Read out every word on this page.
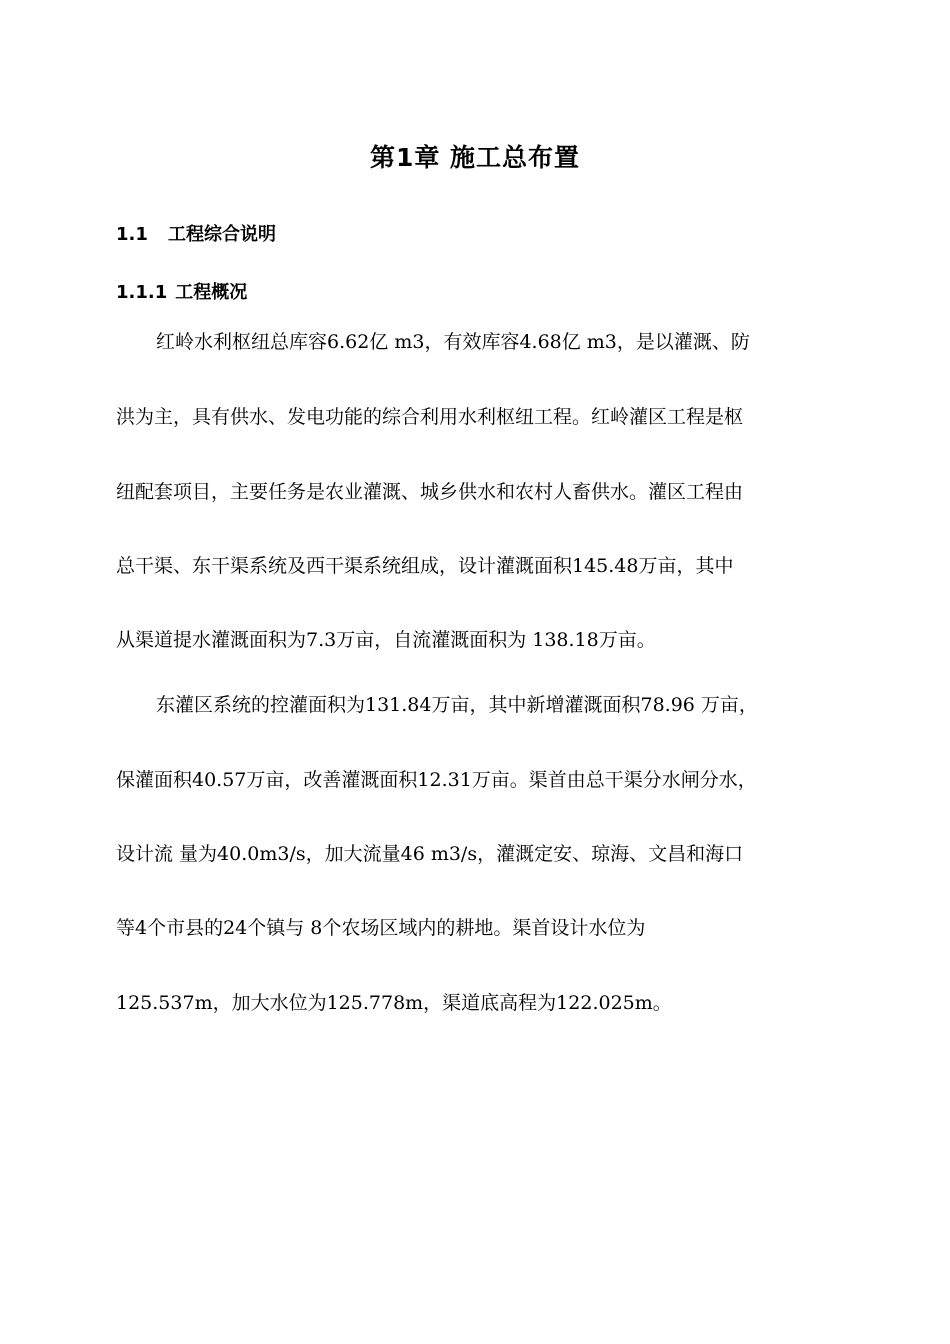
第1章 施工总布置
1.1 工程综合说明
1.1.1 工程概况
红岭水利枢纽总库容6.62亿 m3，有效库容4.68亿 m3，是以灌溉、防
洪为主，具有供水、发电功能的综合利用水利枢纽工程。红岭灌区工程是枢
纽配套项目，主要任务是农业灌溉、城乡供水和农村人畜供水。灌区工程由
总干渠、东干渠系统及西干渠系统组成，设计灌溉面积145.48万亩，其中
从渠道提水灌溉面积为7.3万亩，自流灌溉面积为 138.18万亩。
东灌区系统的控灌面积为131.84万亩，其中新增灌溉面积78.96 万亩，
保灌面积40.57万亩，改善灌溉面积12.31万亩。渠首由总干渠分水闸分水，
设计流 量为40.0m3/s，加大流量46 m3/s，灌溉定安、琼海、文昌和海口
等4个市县的24个镇与 8个农场区域内的耕地。渠首设计水位为
125.537m，加大水位为125.778m，渠道底高程为122.025m。
